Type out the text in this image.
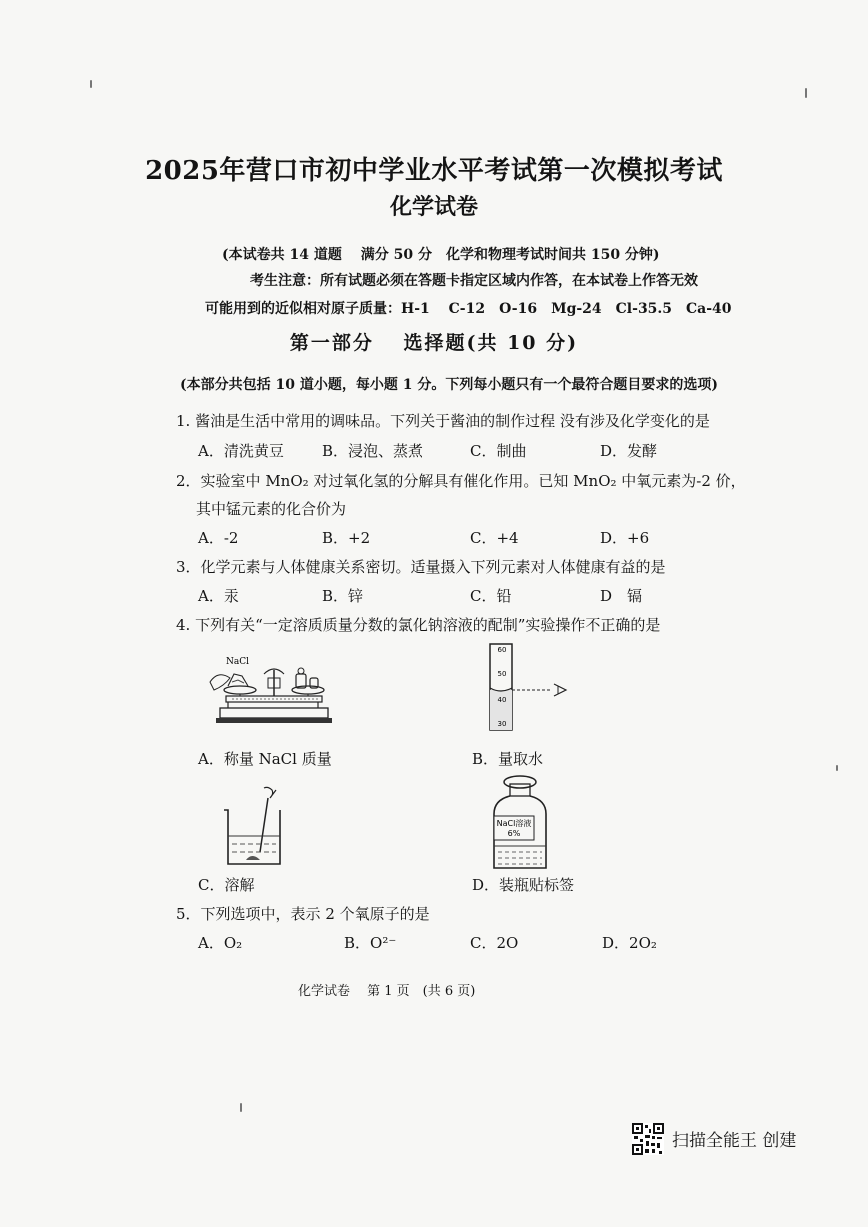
2025年营口市初中学业水平考试第一次模拟考试
化学试卷
(本试卷共 14 道题　 满分 50 分　化学和物理考试时间共 150 分钟)
考生注意：所有试题必须在答题卡指定区域内作答，在本试卷上作答无效
可能用到的近似相对原子质量：H-1　 C-12　O-16　Mg-24　Cl-35.5　Ca-40
第一部分　 选择题(共 10 分)
(本部分共包括 10 道小题，每小题 1 分。下列每小题只有一个最符合题目要求的选项)
1. 酱油是生活中常用的调味品。下列关于酱油的制作过程 没有涉及化学变化的是
A．清洗黄豆	B．浸泡、蒸煮	C．制曲	D．发酵
2．实验室中 MnO₂ 对过氧化氢的分解具有催化作用。已知 MnO₂ 中氧元素为-2 价，
其中锰元素的化合价为
A．-2	B．+2	C．+4	D．+6
3．化学元素与人体健康关系密切。适量摄入下列元素对人体健康有益的是
A．汞	B．锌	C．铅	D　镉
4. 下列有关“一定溶质质量分数的氯化钠溶液的配制”实验操作不正确的是
NaCl
A．称量 NaCl 质量
60
50
40
30
B．量取水
C．溶解
NaCl溶液
6%
D．装瓶贴标签
5．下列选项中，表示 2 个氧原子的是
A．O₂	B．O²⁻	C．2O	D．2O₂
化学试卷　 第 1 页　(共 6 页)
扫描全能王 创建
